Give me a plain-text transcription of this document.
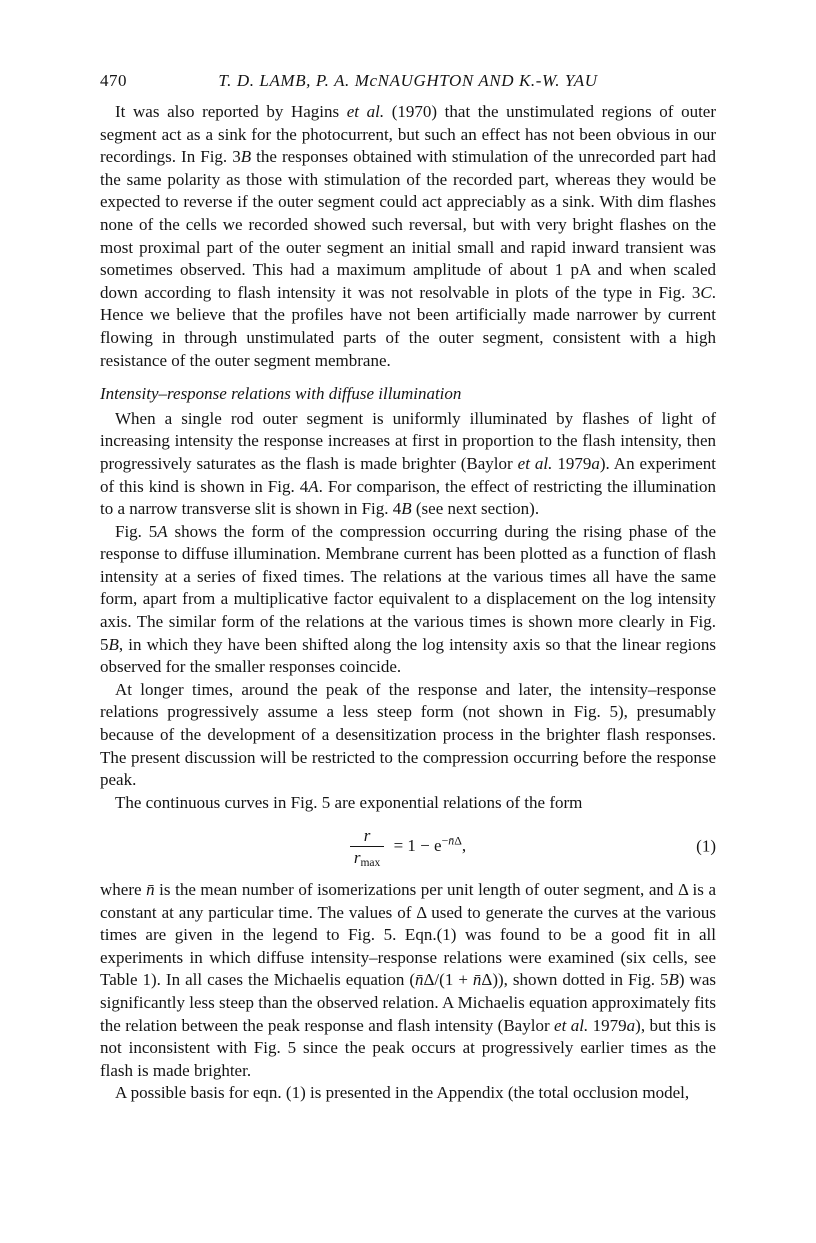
470	T. D. LAMB, P. A. McNAUGHTON AND K.-W. YAU

It was also reported by Hagins et al. (1970) that the unstimulated regions of outer segment act as a sink for the photocurrent, but such an effect has not been obvious in our recordings. In Fig. 3B the responses obtained with stimulation of the unrecorded part had the same polarity as those with stimulation of the recorded part, whereas they would be expected to reverse if the outer segment could act appreciably as a sink. With dim flashes none of the cells we recorded showed such reversal, but with very bright flashes on the most proximal part of the outer segment an initial small and rapid inward transient was sometimes observed. This had a maximum amplitude of about 1 pA and when scaled down according to flash intensity it was not resolvable in plots of the type in Fig. 3C. Hence we believe that the profiles have not been artificially made narrower by current flowing in through unstimulated parts of the outer segment, consistent with a high resistance of the outer segment membrane.

Intensity–response relations with diffuse illumination

When a single rod outer segment is uniformly illuminated by flashes of light of increasing intensity the response increases at first in proportion to the flash intensity, then progressively saturates as the flash is made brighter (Baylor et al. 1979a). An experiment of this kind is shown in Fig. 4A. For comparison, the effect of restricting the illumination to a narrow transverse slit is shown in Fig. 4B (see next section).

Fig. 5A shows the form of the compression occurring during the rising phase of the response to diffuse illumination. Membrane current has been plotted as a function of flash intensity at a series of fixed times. The relations at the various times all have the same form, apart from a multiplicative factor equivalent to a displacement on the log intensity axis. The similar form of the relations at the various times is shown more clearly in Fig. 5B, in which they have been shifted along the log intensity axis so that the linear regions observed for the smaller responses coincide.

At longer times, around the peak of the response and later, the intensity–response relations progressively assume a less steep form (not shown in Fig. 5), presumably because of the development of a desensitization process in the brighter flash responses. The present discussion will be restricted to the compression occurring before the response peak.

The continuous curves in Fig. 5 are exponential relations of the form

$\frac{r}{r_{max}} = 1 - e^{-n̄\Delta}$,	(1)

where n̄ is the mean number of isomerizations per unit length of outer segment, and Δ is a constant at any particular time. The values of Δ used to generate the curves at the various times are given in the legend to Fig. 5. Eqn.(1) was found to be a good fit in all experiments in which diffuse intensity–response relations were examined (six cells, see Table 1). In all cases the Michaelis equation (n̄Δ/(1 + n̄Δ)), shown dotted in Fig. 5B) was significantly less steep than the observed relation. A Michaelis equation approximately fits the relation between the peak response and flash intensity (Baylor et al. 1979a), but this is not inconsistent with Fig. 5 since the peak occurs at progressively earlier times as the flash is made brighter.

A possible basis for eqn. (1) is presented in the Appendix (the total occlusion model,
